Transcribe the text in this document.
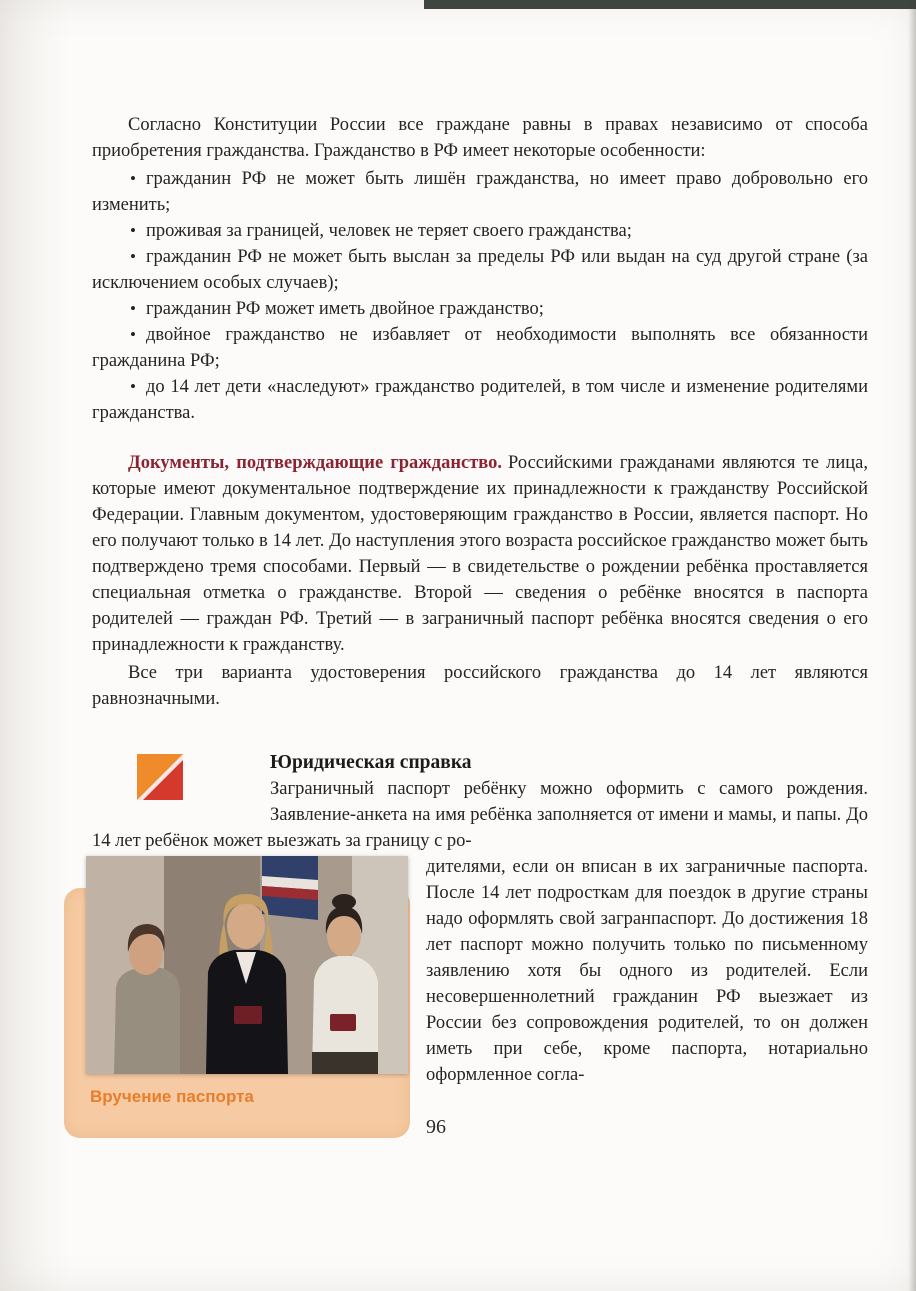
Согласно Конституции России все граждане равны в правах независимо от способа приобретения гражданства. Гражданство в РФ имеет некоторые особенности:

• гражданин РФ не может быть лишён гражданства, но имеет право добровольно его изменить;
• проживая за границей, человек не теряет своего гражданства;
• гражданин РФ не может быть выслан за пределы РФ или выдан на суд другой стране (за исключением особых случаев);
• гражданин РФ может иметь двойное гражданство;
• двойное гражданство не избавляет от необходимости выполнять все обязанности гражданина РФ;
• до 14 лет дети «наследуют» гражданство родителей, в том числе и изменение родителями гражданства.

Документы, подтверждающие гражданство. Российскими гражданами являются те лица, которые имеют документальное подтверждение их принадлежности к гражданству Российской Федерации. Главным документом, удостоверяющим гражданство в России, является паспорт. Но его получают только в 14 лет. До наступления этого возраста российское гражданство может быть подтверждено тремя способами. Первый — в свидетельстве о рождении ребёнка проставляется специальная отметка о гражданстве. Второй — сведения о ребёнке вносятся в паспорта родителей — граждан РФ. Третий — в заграничный паспорт ребёнка вносятся сведения о его принадлежности к гражданству.

Все три варианта удостоверения российского гражданства до 14 лет являются равнозначными.

Юридическая справка

Заграничный паспорт ребёнку можно оформить с самого рождения. Заявление-анкета на имя ребёнка заполняется от имени и мамы, и папы. До 14 лет ребёнок может выезжать за границу с ро-

Вручение паспорта

дителями, если он вписан в их заграничные паспорта. После 14 лет подросткам для поездок в другие страны надо оформлять свой загранпаспорт. До достижения 18 лет паспорт можно получить только по письменному заявлению хотя бы одного из родителей. Если несовершеннолетний гражданин РФ выезжает из России без сопровождения родителей, то он должен иметь при себе, кроме паспорта, нотариально оформленное согла-

96
